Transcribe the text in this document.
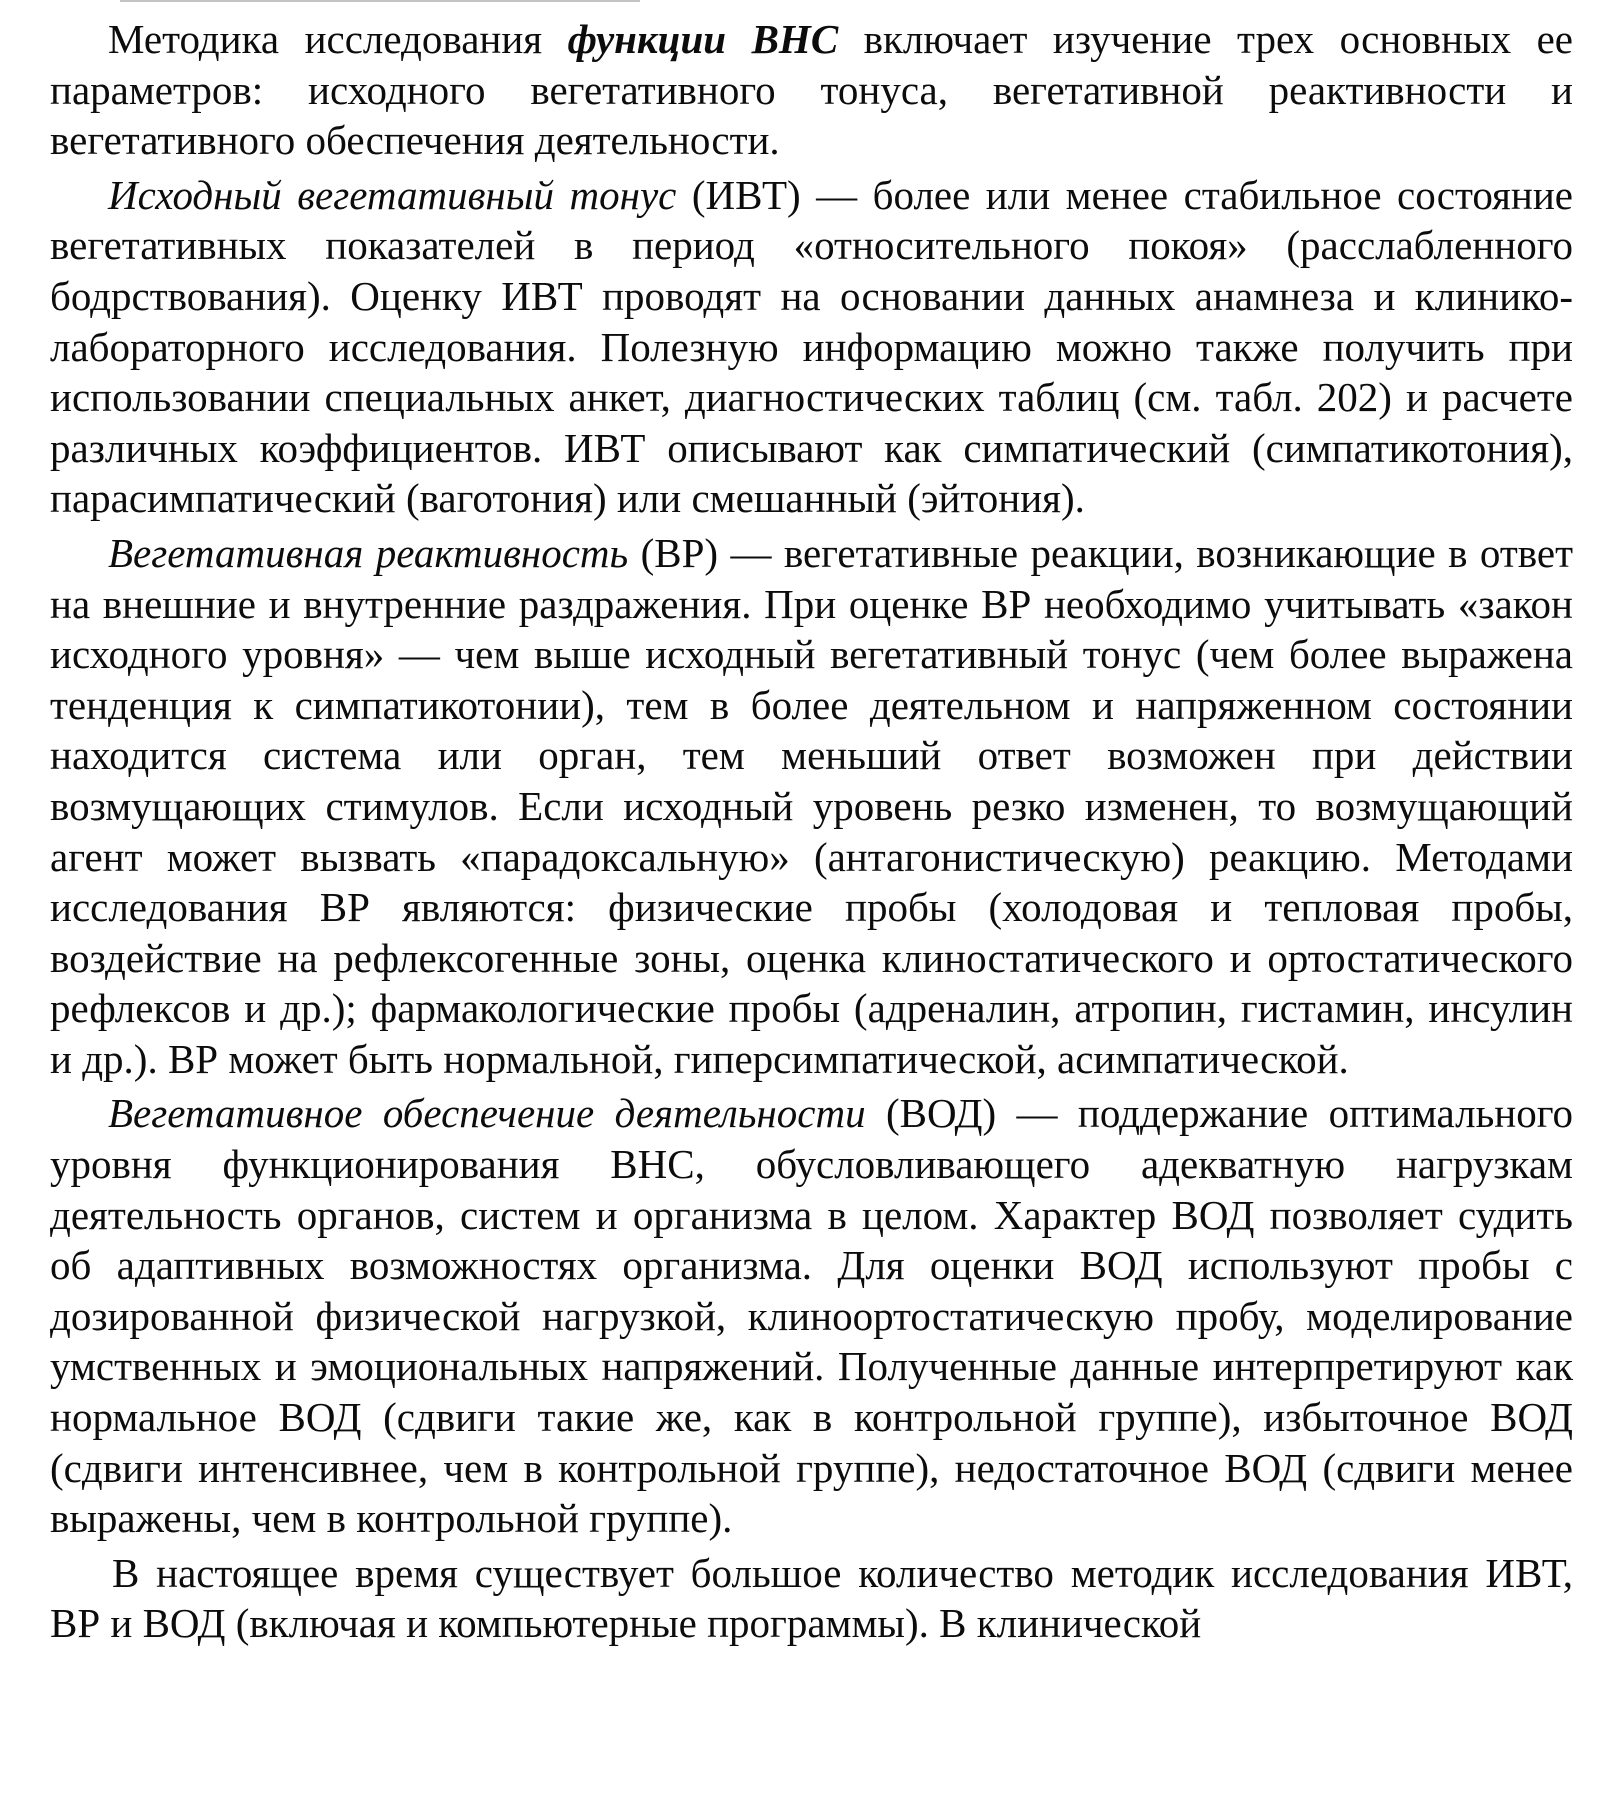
Методика исследования функции ВНС включает изучение трех основных ее параметров: исходного вегетативного тонуса, вегетативной реактивности и вегетативного обеспечения деятельности.

Исходный вегетативный тонус (ИВТ) — более или менее стабильное состояние вегетативных показателей в период «относительного покоя» (расслабленного бодрствования). Оценку ИВТ проводят на основании данных анамнеза и клинико-лабораторного исследования. Полезную информацию можно также получить при использовании специальных анкет, диагностических таблиц (см. табл. 202) и расчете различных коэффициентов. ИВТ описывают как симпатический (симпатикотония), парасимпатический (ваготония) или смешанный (эйтония).

Вегетативная реактивность (ВР) — вегетативные реакции, возникающие в ответ на внешние и внутренние раздражения. При оценке ВР необходимо учитывать «закон исходного уровня» — чем выше исходный вегетативный тонус (чем более выражена тенденция к симпатикотонии), тем в более деятельном и напряженном состоянии находится система или орган, тем меньший ответ возможен при действии возмущающих стимулов. Если исходный уровень резко изменен, то возмущающий агент может вызвать «парадоксальную» (антагонистическую) реакцию. Методами исследования ВР являются: физические пробы (холодовая и тепловая пробы, воздействие на рефлексогенные зоны, оценка клиностатического и ортостатического рефлексов и др.); фармакологические пробы (адреналин, атропин, гистамин, инсулин и др.). ВР может быть нормальной, гиперсимпатической, асимпатической.

Вегетативное обеспечение деятельности (ВОД) — поддержание оптимального уровня функционирования ВНС, обусловливающего адекватную нагрузкам деятельность органов, систем и организма в целом. Характер ВОД позволяет судить об адаптивных возможностях организма. Для оценки ВОД используют пробы с дозированной физической нагрузкой, клиноортостатическую пробу, моделирование умственных и эмоциональных напряжений. Полученные данные интерпретируют как нормальное ВОД (сдвиги такие же, как в контрольной группе), избыточное ВОД (сдвиги интенсивнее, чем в контрольной группе), недостаточное ВОД (сдвиги менее выражены, чем в контрольной группе).

В настоящее время существует большое количество методик исследования ИВТ, ВР и ВОД (включая и компьютерные программы). В клинической
